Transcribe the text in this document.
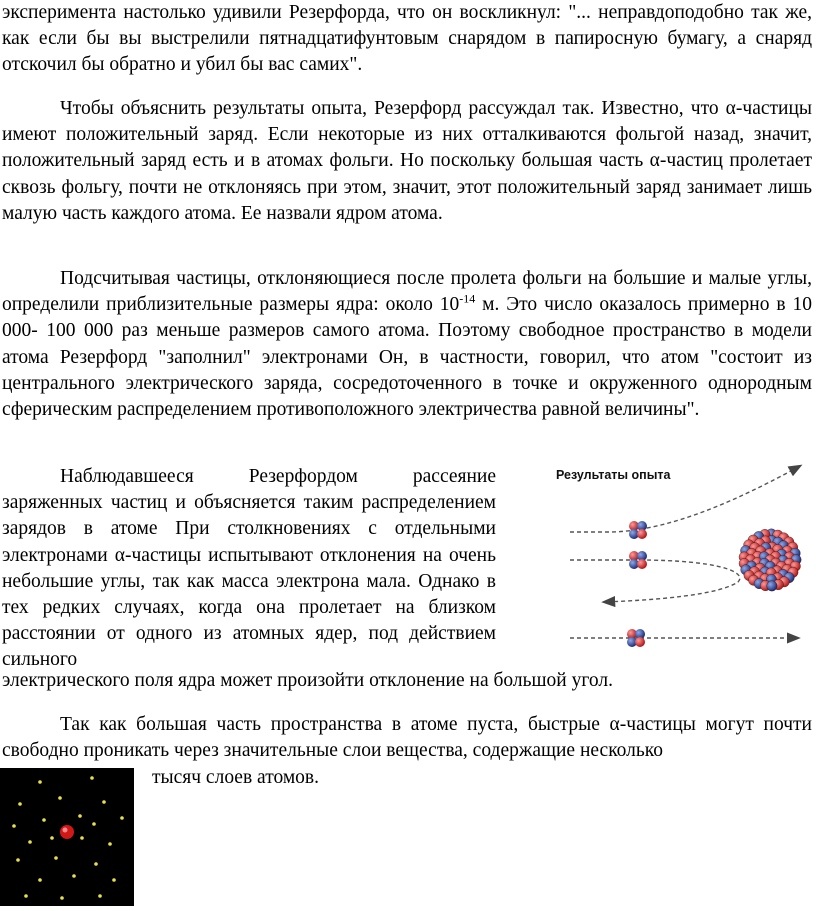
эксперимента настолько удивили Резерфорда, что он воскликнул: "... неправдоподобно так же, как если бы вы выстрелили пятнадцатифунтовым снарядом в папиросную бумагу, а снаряд отскочил бы обратно и убил бы вас самих".

Чтобы объяснить результаты опыта, Резерфорд рассуждал так. Известно, что α-частицы имеют положительный заряд. Если некоторые из них отталкиваются фольгой назад, значит, положительный заряд есть и в атомах фольги. Но поскольку большая часть α-частиц пролетает сквозь фольгу, почти не отклоняясь при этом, значит, этот положительный заряд занимает лишь малую часть каждого атома. Ее назвали ядром атома.

Подсчитывая частицы, отклоняющиеся после пролета фольги на большие и малые углы, определили приблизительные размеры ядра: около $10^{-14}$ м. Это число оказалось примерно в 10 000- 100 000 раз меньше размеров самого атома. Поэтому свободное пространство в модели атома Резерфорд "заполнил" электронами Он, в частности, говорил, что атом "состоит из центрального электрического заряда, сосредоточенного в точке и окруженного однородным сферическим распределением противоположного электричества равной величины".

Наблюдавшееся Резерфордом рассеяние заряженных частиц и объясняется таким распределением зарядов в атоме При столкновениях с отдельными электронами α-частицы испытывают отклонения на очень небольшие углы, так как масса электрона мала. Однако в тех редких случаях, когда она пролетает на близком расстоянии от одного из атомных ядер, под действием сильного

электрического поля ядра может произойти отклонение на большой угол.

Результаты опыта

Так как большая часть пространства в атоме пуста, быстрые α-частицы могут почти свободно проникать через значительные слои вещества, содержащие несколько

тысяч слоев атомов.
